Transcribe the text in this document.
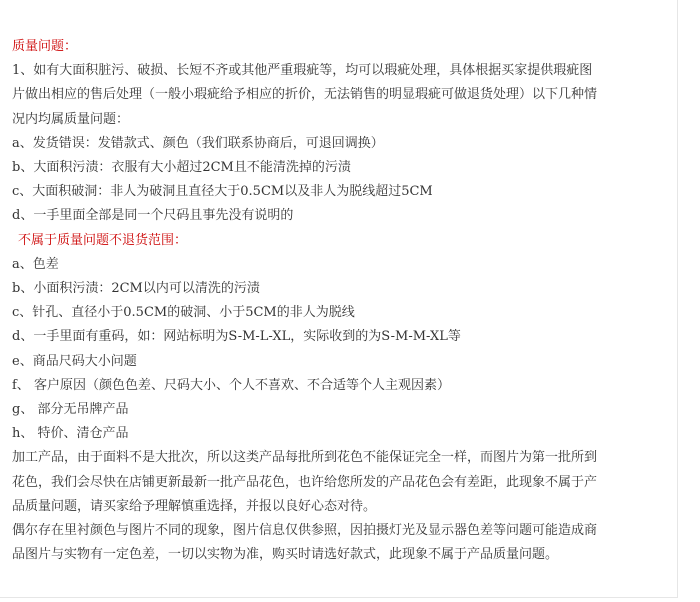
质量问题：
1、如有大面积脏污、破损、长短不齐或其他严重瑕疵等，均可以瑕疵处理，具体根据买家提供瑕疵图
片做出相应的售后处理（一般小瑕疵给予相应的折价，无法销售的明显瑕疵可做退货处理）以下几种情
况内均属质量问题：
a、发货错误：发错款式、颜色（我们联系协商后，可退回调换）
b、大面积污渍：衣服有大小超过2CM且不能清洗掉的污渍
c、大面积破洞：非人为破洞且直径大于0.5CM以及非人为脱线超过5CM
d、一手里面全部是同一个尺码且事先没有说明的
不属于质量问题不退货范围：
a、色差
b、小面积污渍：2CM以内可以清洗的污渍
c、针孔、直径小于0.5CM的破洞、小于5CM的非人为脱线
d、一手里面有重码，如：网站标明为S-M-L-XL，实际收到的为S-M-M-XL等
e、商品尺码大小问题
f、 客户原因（颜色色差、尺码大小、个人不喜欢、不合适等个人主观因素）
g、 部分无吊牌产品
h、 特价、清仓产品
加工产品，由于面料不是大批次，所以这类产品每批所到花色不能保证完全一样，而图片为第一批所到
花色，我们会尽快在店铺更新最新一批产品花色，也许给您所发的产品花色会有差距，此现象不属于产
品质量问题，请买家给予理解慎重选择，并报以良好心态对待。
偶尔存在里衬颜色与图片不同的现象，图片信息仅供参照，因拍摄灯光及显示器色差等问题可能造成商
品图片与实物有一定色差，一切以实物为准，购买时请选好款式，此现象不属于产品质量问题。
